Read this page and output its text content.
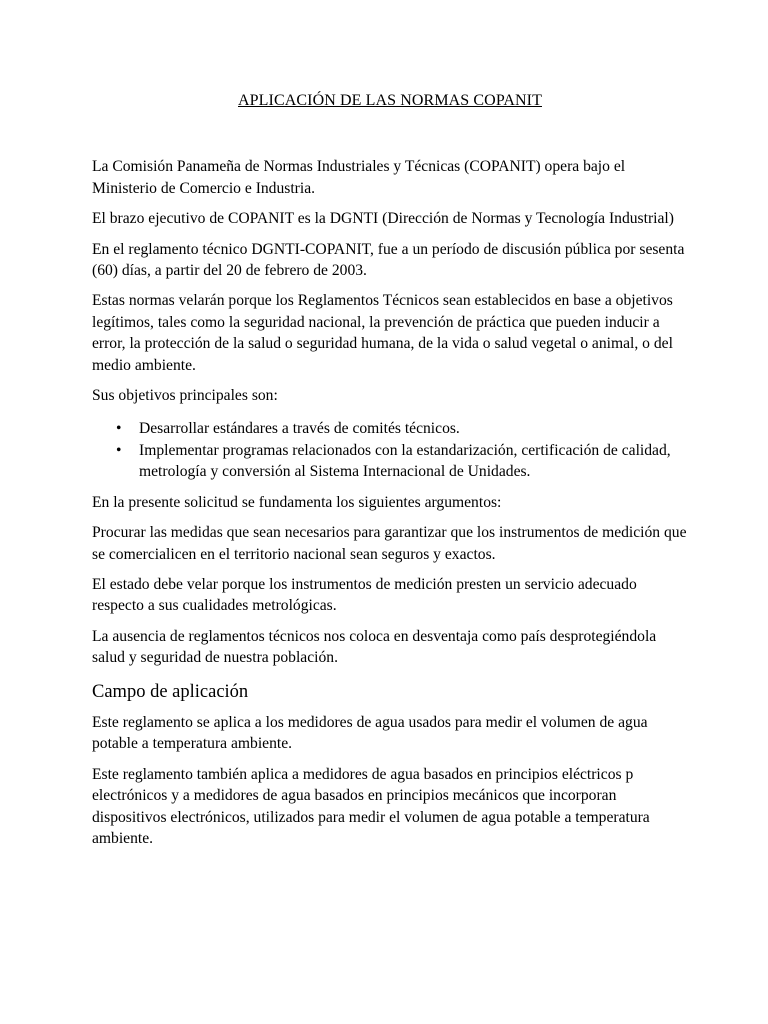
APLICACIÓN DE LAS NORMAS COPANIT

La Comisión Panameña de Normas Industriales y Técnicas (COPANIT) opera bajo el Ministerio de Comercio e Industria.

El brazo ejecutivo de COPANIT es la DGNTI (Dirección de Normas y Tecnología Industrial)

En el reglamento técnico DGNTI-COPANIT, fue a un período de discusión pública por sesenta (60) días, a partir del 20 de febrero de 2003.

Estas normas velarán porque los Reglamentos Técnicos sean establecidos en base a objetivos legítimos, tales como la seguridad nacional, la prevención de práctica que pueden inducir a error, la protección de la salud o seguridad humana, de la vida o salud vegetal o animal, o del medio ambiente.

Sus objetivos principales son:

• Desarrollar estándares a través de comités técnicos.
• Implementar programas relacionados con la estandarización, certificación de calidad, metrología y conversión al Sistema Internacional de Unidades.

En la presente solicitud se fundamenta los siguientes argumentos:

Procurar las medidas que sean necesarios para garantizar que los instrumentos de medición que se comercialicen en el territorio nacional sean seguros y exactos.

El estado debe velar porque los instrumentos de medición presten un servicio adecuado respecto a sus cualidades metrológicas.

La ausencia de reglamentos técnicos nos coloca en desventaja como país desprotegiéndola salud y seguridad de nuestra población.

Campo de aplicación

Este reglamento se aplica a los medidores de agua usados para medir el volumen de agua potable a temperatura ambiente.

Este reglamento también aplica a medidores de agua basados en principios eléctricos p electrónicos y a medidores de agua basados en principios mecánicos que incorporan dispositivos electrónicos, utilizados para medir el volumen de agua potable a temperatura ambiente.
